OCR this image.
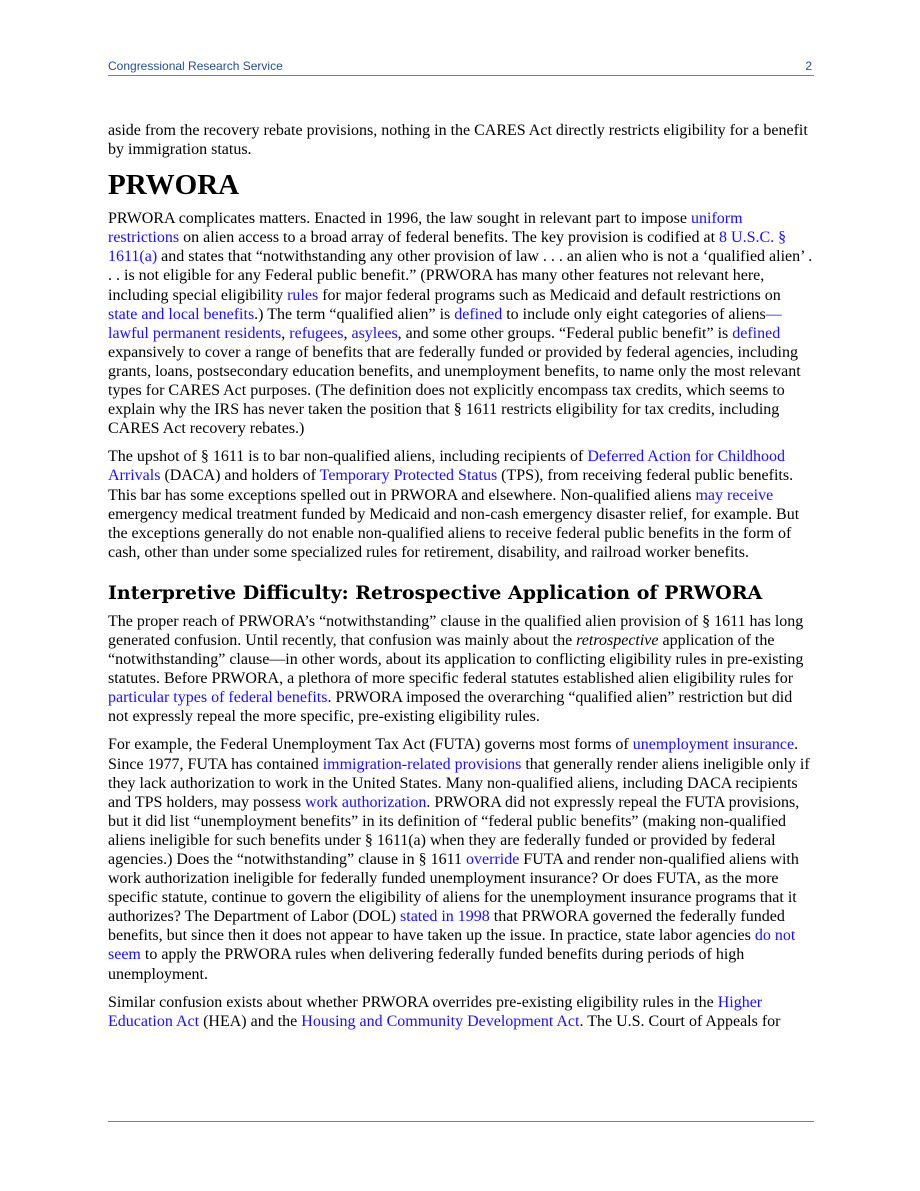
Congressional Research Service	2

aside from the recovery rebate provisions, nothing in the CARES Act directly restricts eligibility for a benefit by immigration status.

PRWORA

PRWORA complicates matters. Enacted in 1996, the law sought in relevant part to impose uniform restrictions on alien access to a broad array of federal benefits. The key provision is codified at 8 U.S.C. § 1611(a) and states that “notwithstanding any other provision of law . . . an alien who is not a ‘qualified alien’ . . . is not eligible for any Federal public benefit.” (PRWORA has many other features not relevant here, including special eligibility rules for major federal programs such as Medicaid and default restrictions on state and local benefits.) The term “qualified alien” is defined to include only eight categories of aliens—lawful permanent residents, refugees, asylees, and some other groups. “Federal public benefit” is defined expansively to cover a range of benefits that are federally funded or provided by federal agencies, including grants, loans, postsecondary education benefits, and unemployment benefits, to name only the most relevant types for CARES Act purposes. (The definition does not explicitly encompass tax credits, which seems to explain why the IRS has never taken the position that § 1611 restricts eligibility for tax credits, including CARES Act recovery rebates.)

The upshot of § 1611 is to bar non-qualified aliens, including recipients of Deferred Action for Childhood Arrivals (DACA) and holders of Temporary Protected Status (TPS), from receiving federal public benefits. This bar has some exceptions spelled out in PRWORA and elsewhere. Non-qualified aliens may receive emergency medical treatment funded by Medicaid and non-cash emergency disaster relief, for example. But the exceptions generally do not enable non-qualified aliens to receive federal public benefits in the form of cash, other than under some specialized rules for retirement, disability, and railroad worker benefits.

Interpretive Difficulty: Retrospective Application of PRWORA

The proper reach of PRWORA’s “notwithstanding” clause in the qualified alien provision of § 1611 has long generated confusion. Until recently, that confusion was mainly about the retrospective application of the “notwithstanding” clause—in other words, about its application to conflicting eligibility rules in pre-existing statutes. Before PRWORA, a plethora of more specific federal statutes established alien eligibility rules for particular types of federal benefits. PRWORA imposed the overarching “qualified alien” restriction but did not expressly repeal the more specific, pre-existing eligibility rules.

For example, the Federal Unemployment Tax Act (FUTA) governs most forms of unemployment insurance. Since 1977, FUTA has contained immigration-related provisions that generally render aliens ineligible only if they lack authorization to work in the United States. Many non-qualified aliens, including DACA recipients and TPS holders, may possess work authorization. PRWORA did not expressly repeal the FUTA provisions, but it did list “unemployment benefits” in its definition of “federal public benefits” (making non-qualified aliens ineligible for such benefits under § 1611(a) when they are federally funded or provided by federal agencies.) Does the “notwithstanding” clause in § 1611 override FUTA and render non-qualified aliens with work authorization ineligible for federally funded unemployment insurance? Or does FUTA, as the more specific statute, continue to govern the eligibility of aliens for the unemployment insurance programs that it authorizes? The Department of Labor (DOL) stated in 1998 that PRWORA governed the federally funded benefits, but since then it does not appear to have taken up the issue. In practice, state labor agencies do not seem to apply the PRWORA rules when delivering federally funded benefits during periods of high unemployment.

Similar confusion exists about whether PRWORA overrides pre-existing eligibility rules in the Higher Education Act (HEA) and the Housing and Community Development Act. The U.S. Court of Appeals for
